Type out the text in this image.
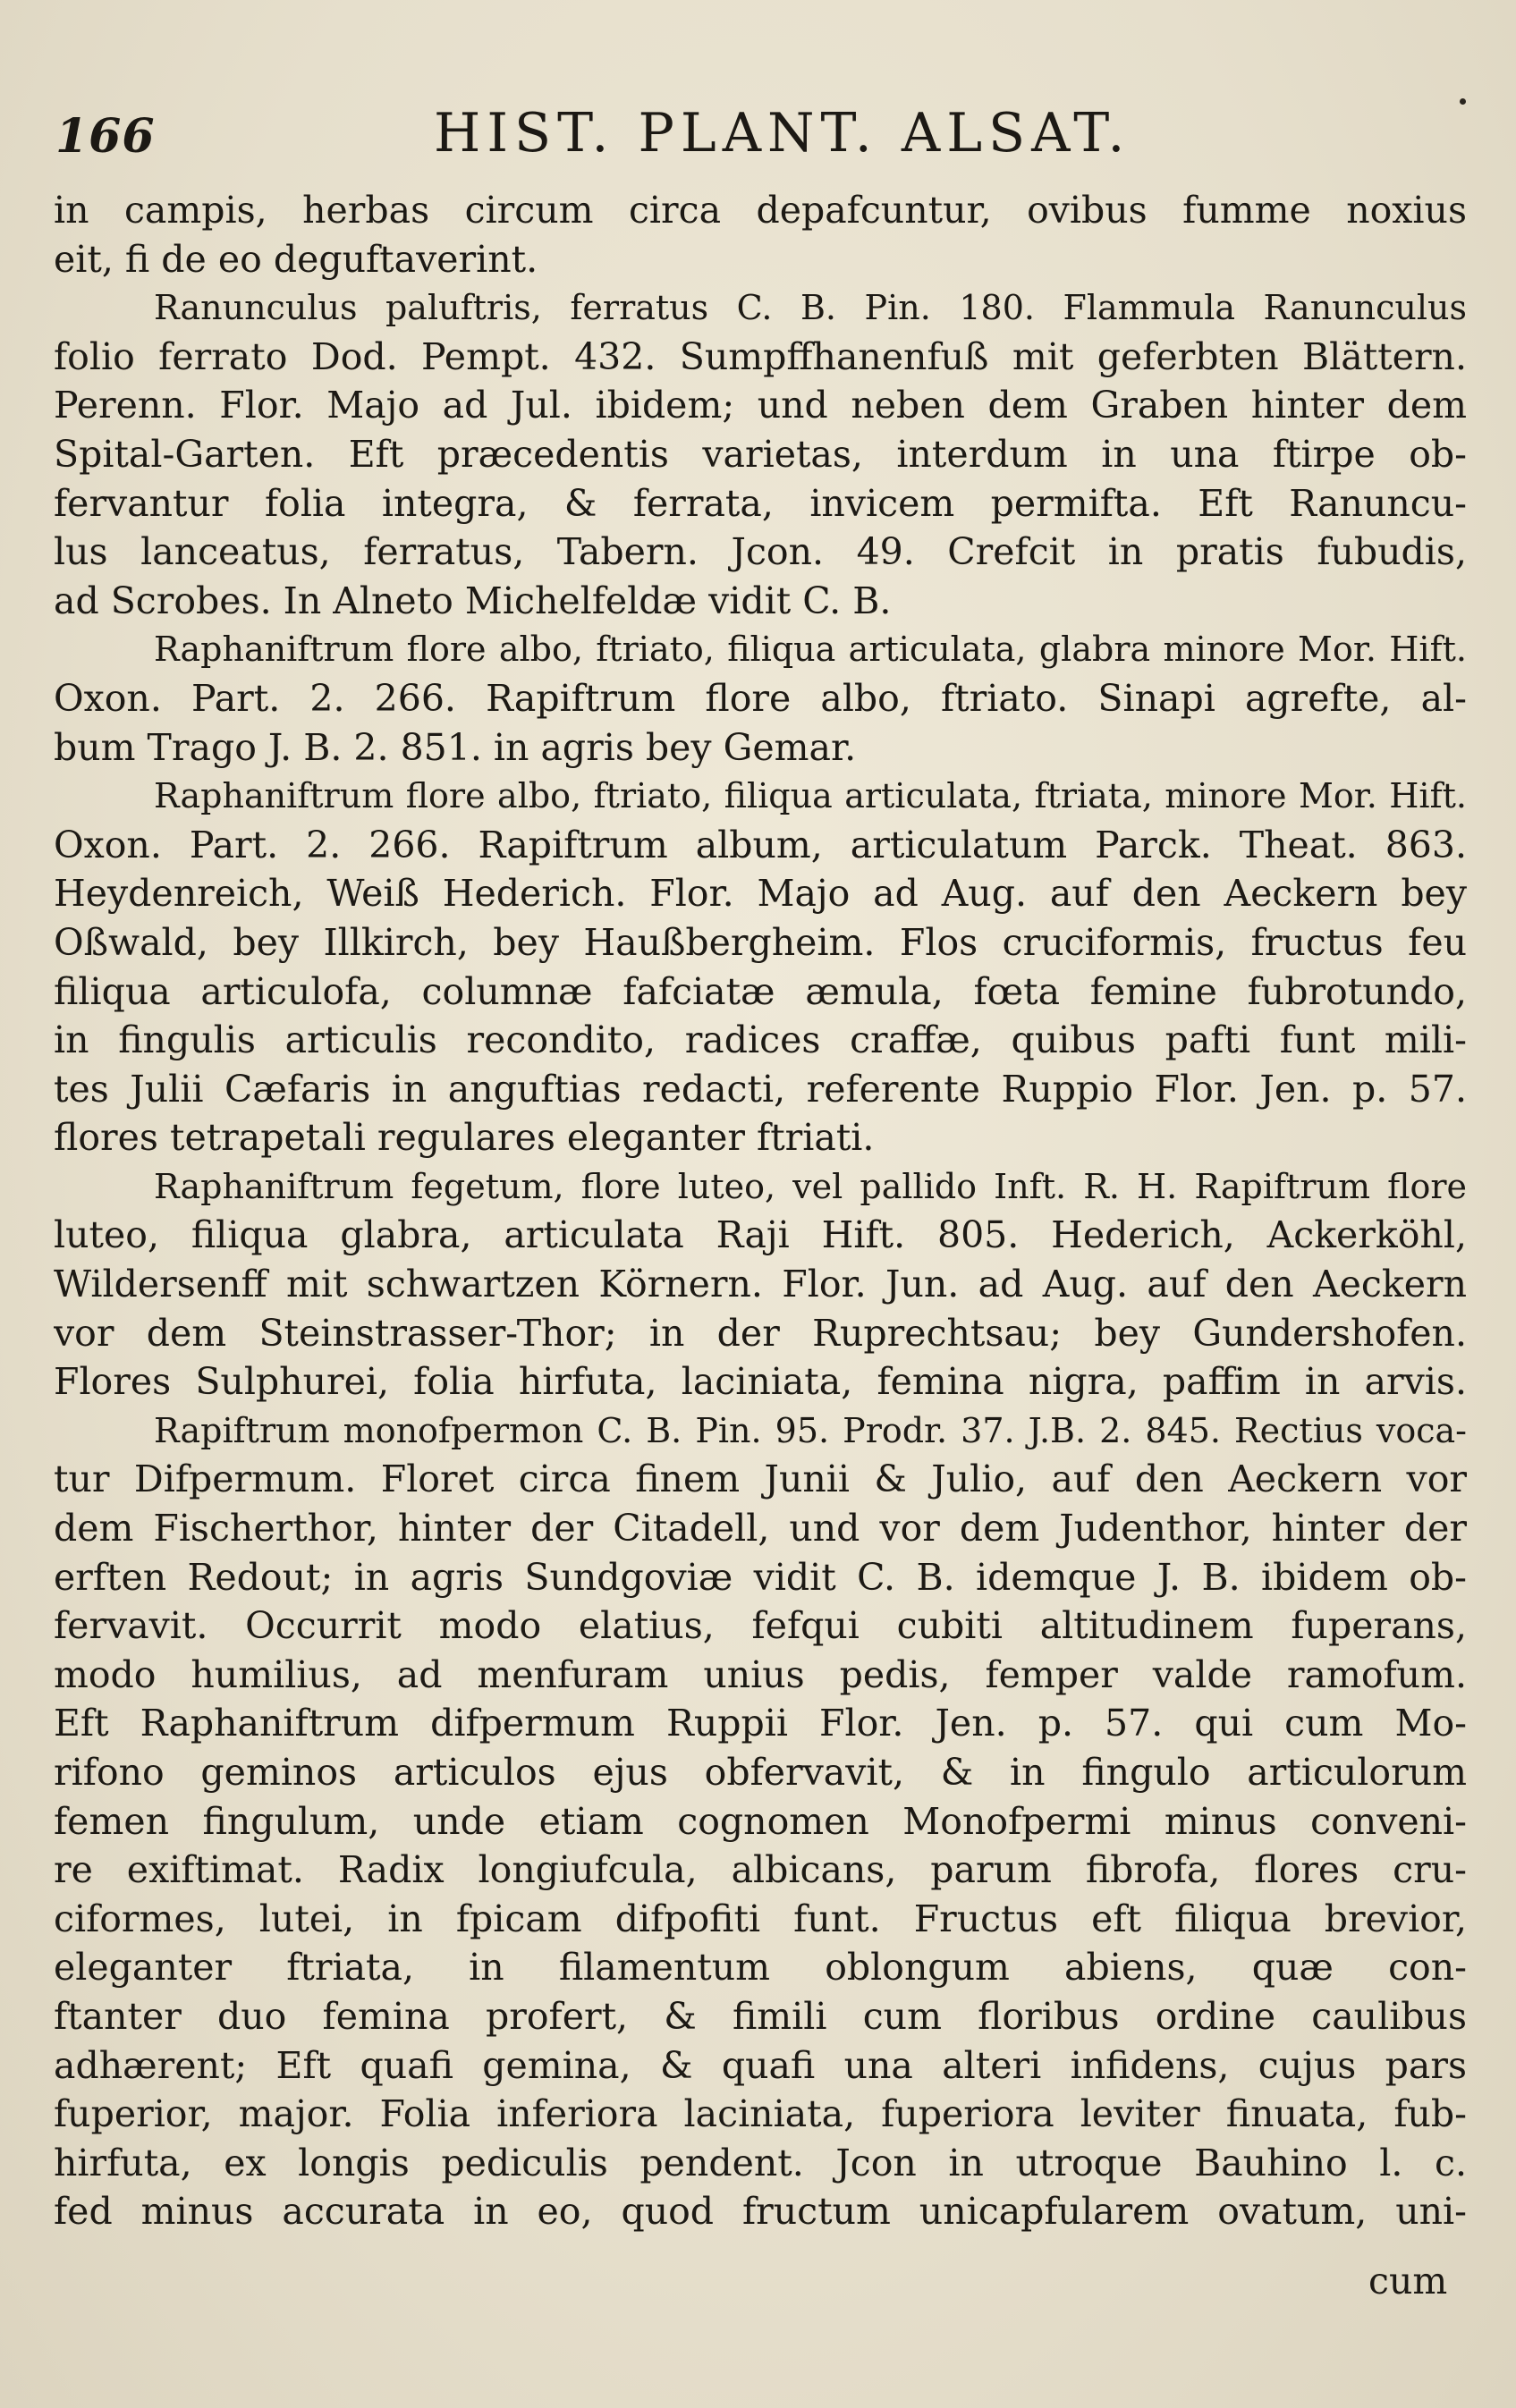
166	HIST. PLANT. ALSAT.
in campis, herbas circum circa depafcuntur, ovibus fumme noxius
eit, fi de eo deguftaverint.
Ranunculus paluftris, ferratus C. B. Pin. 180. Flammula Ranunculus
folio ferrato Dod. Pempt. 432. Sumpffhanenfuß mit geferbten Blättern.
Perenn. Flor. Majo ad Jul. ibidem; und neben dem Graben hinter dem
Spital-Garten. Eft præcedentis varietas, interdum in una ftirpe ob-
fervantur folia integra, & ferrata, invicem permifta. Eft Ranuncu-
lus lanceatus, ferratus, Tabern. Jcon. 49. Crefcit in pratis fubudis,
ad Scrobes. In Alneto Michelfeldæ vidit C. B.
Raphaniftrum flore albo, ftriato, filiqua articulata, glabra minore Mor. Hift.
Oxon. Part. 2. 266. Rapiftrum flore albo, ftriato. Sinapi agrefte, al-
bum Trago J. B. 2. 851. in agris bey Gemar.
Raphaniftrum flore albo, ftriato, filiqua articulata, ftriata, minore Mor. Hift.
Oxon. Part. 2. 266. Rapiftrum album, articulatum Parck. Theat. 863.
Heydenreich, Weiß Hederich. Flor. Majo ad Aug. auf den Aeckern bey
Oßwald, bey Illkirch, bey Haußbergheim. Flos cruciformis, fructus feu
filiqua articulofa, columnæ fafciatæ æmula, fœta femine fubrotundo,
in fingulis articulis recondito, radices craffæ, quibus pafti funt mili-
tes Julii Cæfaris in anguftias redacti, referente Ruppio Flor. Jen. p. 57.
flores tetrapetali regulares eleganter ftriati.
Raphaniftrum fegetum, flore luteo, vel pallido Inft. R. H. Rapiftrum flore
luteo, filiqua glabra, articulata Raji Hift. 805. Hederich, Ackerköhl,
Wildersenff mit schwartzen Körnern. Flor. Jun. ad Aug. auf den Aeckern
vor dem Steinstrasser-Thor; in der Ruprechtsau; bey Gundershofen.
Flores Sulphurei, folia hirfuta, laciniata, femina nigra, paffim in arvis.
Rapiftrum monofpermon C. B. Pin. 95. Prodr. 37. J.B. 2. 845. Rectius voca-
tur Difpermum. Floret circa finem Junii & Julio, auf den Aeckern vor
dem Fischerthor, hinter der Citadell, und vor dem Judenthor, hinter der
erften Redout; in agris Sundgoviæ vidit C. B. idemque J. B. ibidem ob-
fervavit. Occurrit modo elatius, fefqui cubiti altitudinem fuperans,
modo humilius, ad menfuram unius pedis, femper valde ramofum.
Eft Raphaniftrum difpermum Ruppii Flor. Jen. p. 57. qui cum Mo-
rifono geminos articulos ejus obfervavit, & in fingulo articulorum
femen fingulum, unde etiam cognomen Monofpermi minus conveni-
re exiftimat. Radix longiufcula, albicans, parum fibrofa, flores cru-
ciformes, lutei, in fpicam difpofiti funt. Fructus eft filiqua brevior,
eleganter ftriata, in filamentum oblongum abiens, quæ con-
ftanter duo femina profert, & fimili cum floribus ordine caulibus
adhærent; Eft quafi gemina, & quafi una alteri infidens, cujus pars
fuperior, major. Folia inferiora laciniata, fuperiora leviter finuata, fub-
hirfuta, ex longis pediculis pendent. Jcon in utroque Bauhino l. c.
fed minus accurata in eo, quod fructum unicapfularem ovatum, uni-
cum
